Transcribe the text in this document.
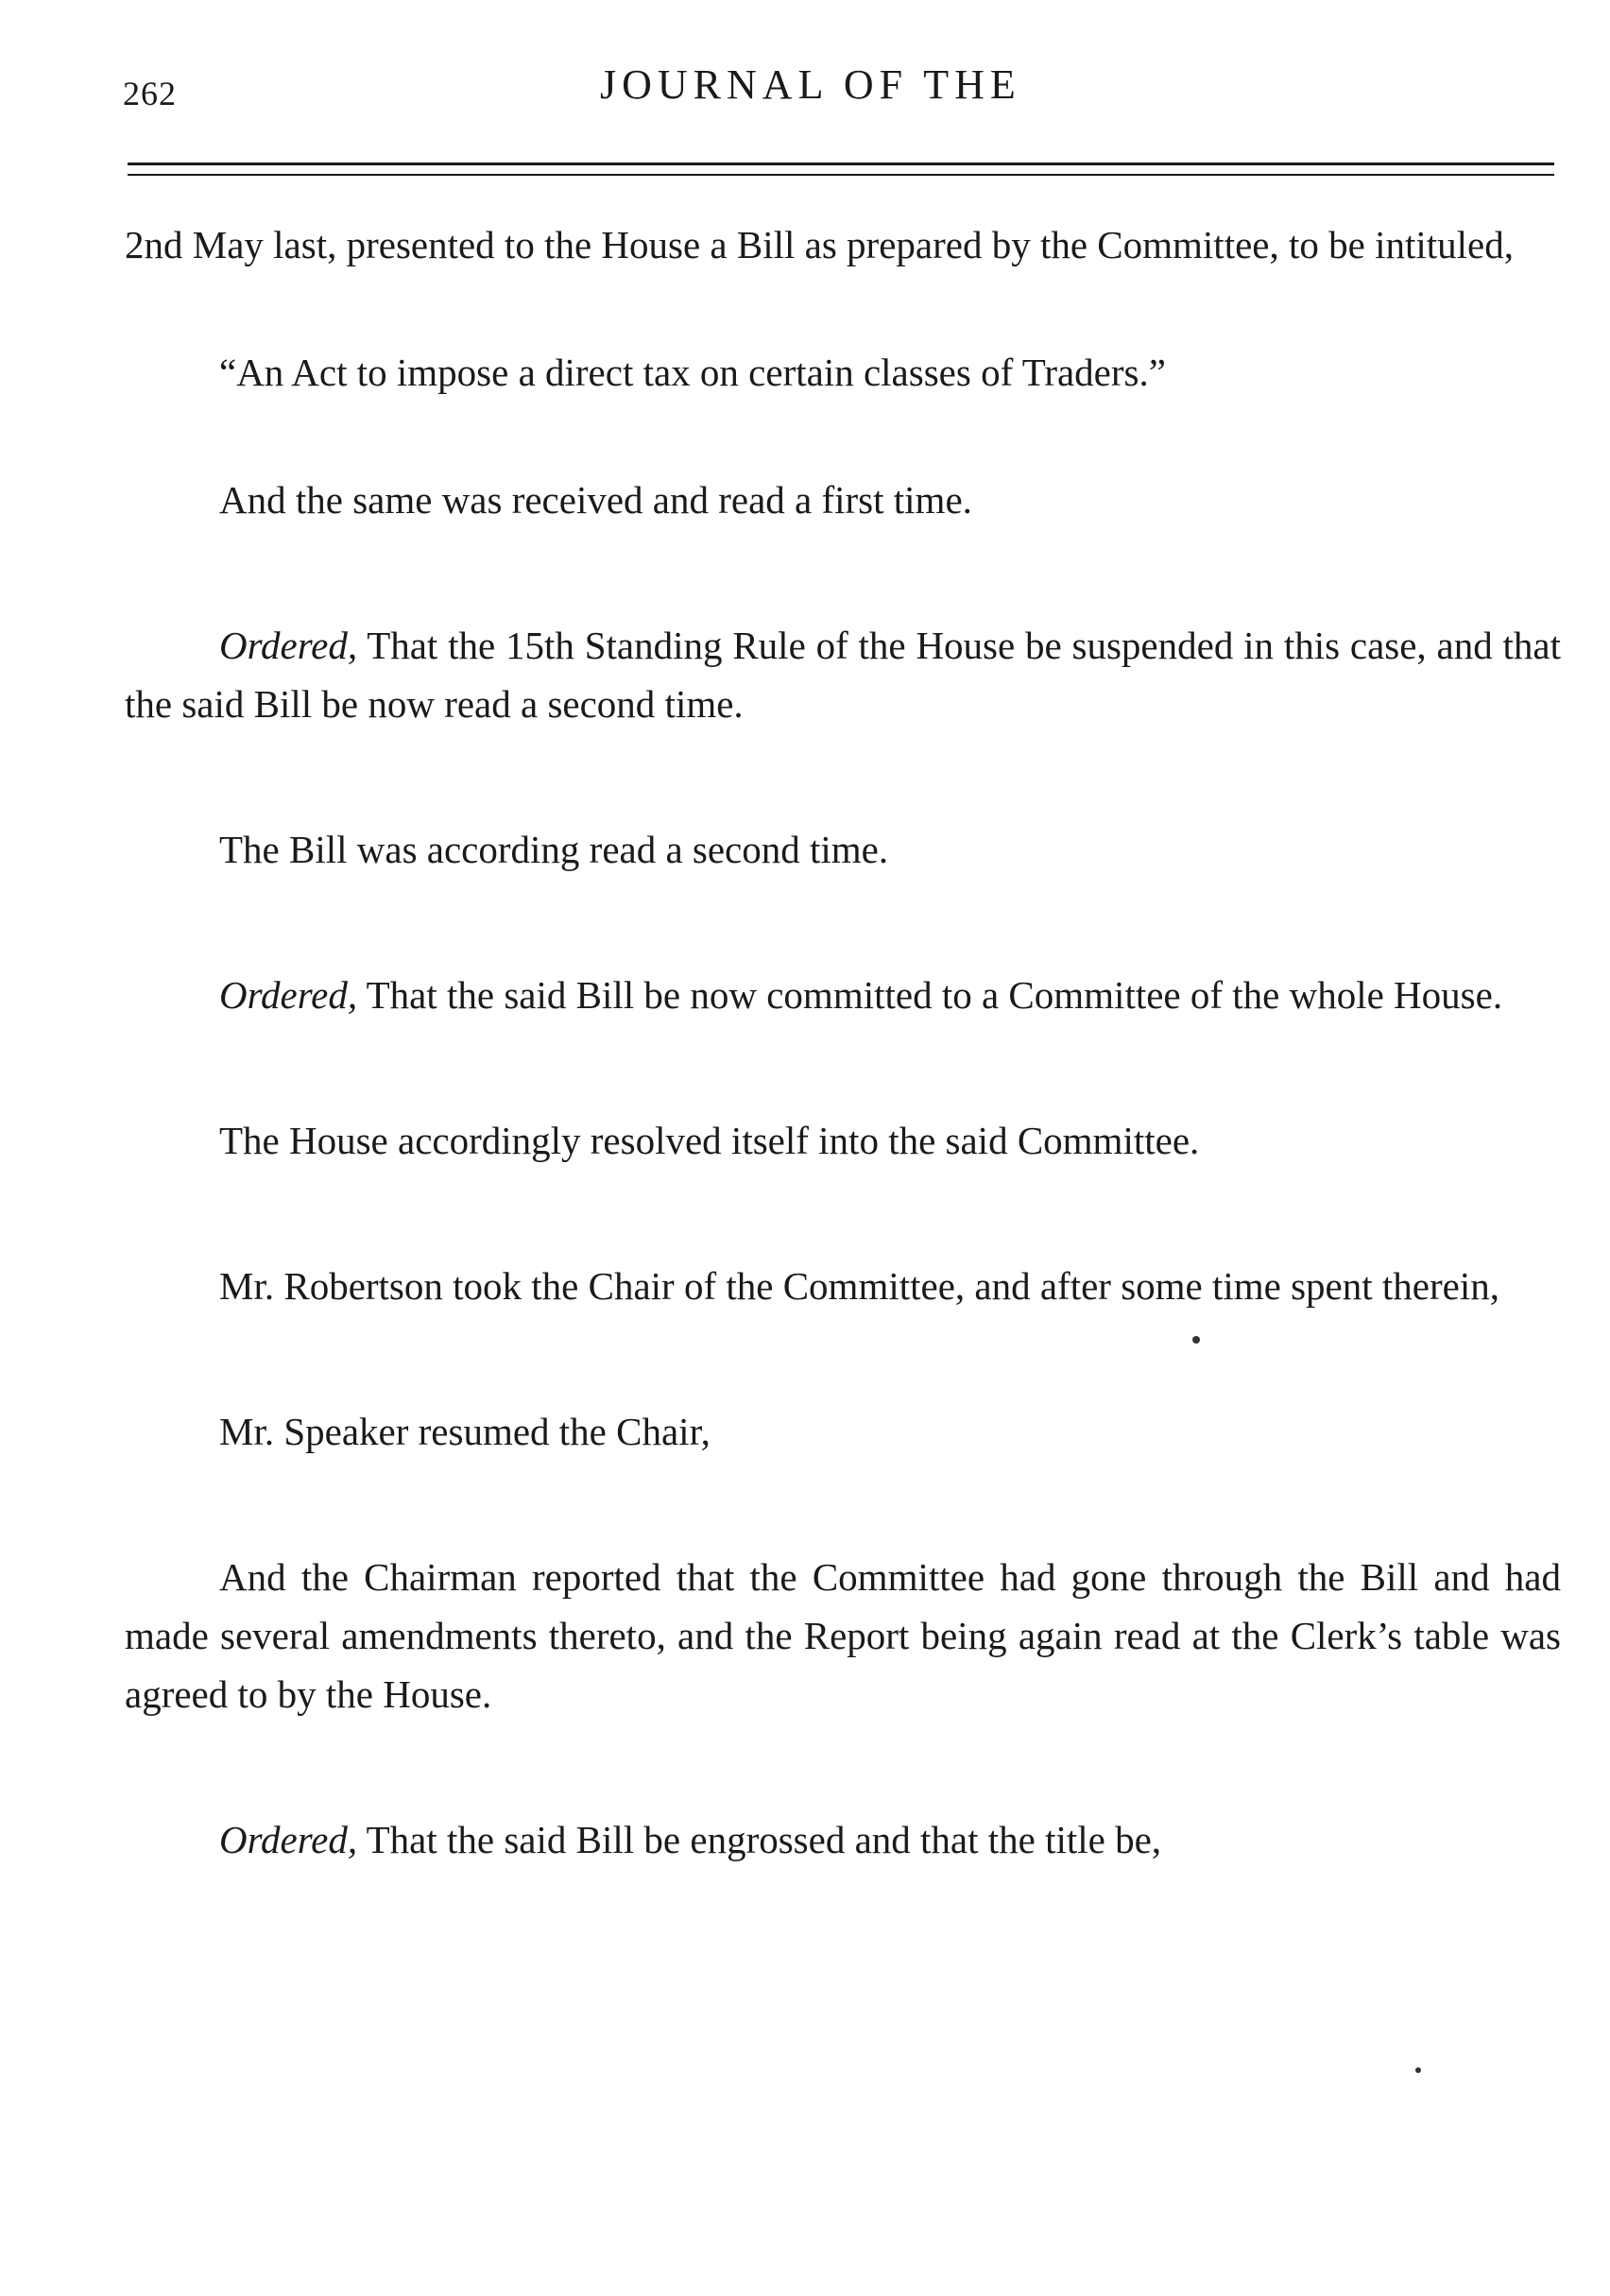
262	JOURNAL OF THE

2nd May last, presented to the House a Bill as prepared by the Committee, to be intituled,

“An Act to impose a direct tax on certain classes of Traders.”

And the same was received and read a first time.

Ordered, That the 15th Standing Rule of the House be suspended in this case, and that the said Bill be now read a second time.

The Bill was according read a second time.

Ordered, That the said Bill be now committed to a Committee of the whole House.

The House accordingly resolved itself into the said Committee.

Mr. Robertson took the Chair of the Committee, and after some time spent therein,

Mr. Speaker resumed the Chair,

And the Chairman reported that the Committee had gone through the Bill and had made several amendments thereto, and the Report being again read at the Clerk’s table was agreed to by the House.

Ordered, That the said Bill be engrossed and that the title be,
